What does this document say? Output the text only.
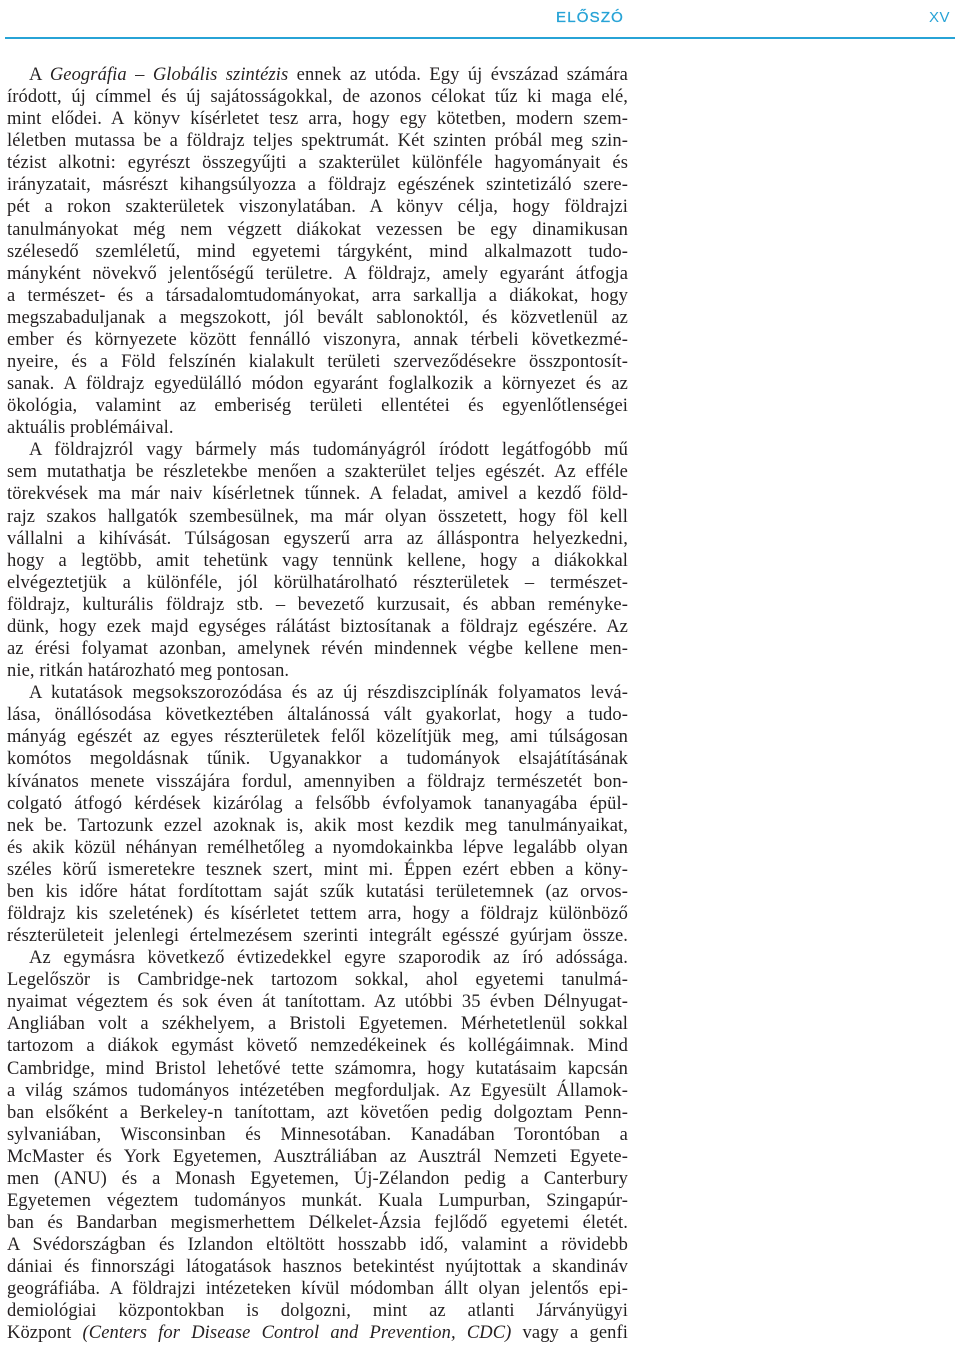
ELŐSZÓ	XV
A Geográfia – Globális szintézis ennek az utóda. Egy új évszázad számára
íródott, új címmel és új sajátosságokkal, de azonos célokat tűz ki maga elé,
mint elődei. A könyv kísérletet tesz arra, hogy egy kötetben, modern szem-
léletben mutassa be a földrajz teljes spektrumát. Két szinten próbál meg szin-
tézist alkotni: egyrészt összegyűjti a szakterület különféle hagyományait és
irányzatait, másrészt kihangsúlyozza a földrajz egészének szintetizáló szere-
pét a rokon szakterületek viszonylatában. A könyv célja, hogy földrajzi
tanulmányokat még nem végzett diákokat vezessen be egy dinamikusan
szélesedő szemléletű, mind egyetemi tárgyként, mind alkalmazott tudo-
mányként növekvő jelentőségű területre. A földrajz, amely egyaránt átfogja
a természet- és a társadalomtudományokat, arra sarkallja a diákokat, hogy
megszabaduljanak a megszokott, jól bevált sablonoktól, és közvetlenül az
ember és környezete között fennálló viszonyra, annak térbeli következmé-
nyeire, és a Föld felszínén kialakult területi szerveződésekre összpontosít-
sanak. A földrajz egyedülálló módon egyaránt foglalkozik a környezet és az
ökológia, valamint az emberiség területi ellentétei és egyenlőtlenségei
aktuális problémáival.
A földrajzról vagy bármely más tudományágról íródott legátfogóbb mű
sem mutathatja be részletekbe menően a szakterület teljes egészét. Az efféle
törekvések ma már naiv kísérletnek tűnnek. A feladat, amivel a kezdő föld-
rajz szakos hallgatók szembesülnek, ma már olyan összetett, hogy föl kell
vállalni a kihívását. Túlságosan egyszerű arra az álláspontra helyezkedni,
hogy a legtöbb, amit tehetünk vagy tennünk kellene, hogy a diákokkal
elvégeztetjük a különféle, jól körülhatárolható részterületek – természet-
földrajz, kulturális földrajz stb. – bevezető kurzusait, és abban reményke-
dünk, hogy ezek majd egységes rálátást biztosítanak a földrajz egészére. Az
az érési folyamat azonban, amelynek révén mindennek végbe kellene men-
nie, ritkán határozható meg pontosan.
A kutatások megsokszorozódása és az új részdiszciplínák folyamatos levá-
lása, önállósodása következtében általánossá vált gyakorlat, hogy a tudo-
mányág egészét az egyes részterületek felől közelítjük meg, ami túlságosan
komótos megoldásnak tűnik. Ugyanakkor a tudományok elsajátításának
kívánatos menete visszájára fordul, amennyiben a földrajz természetét bon-
colgató átfogó kérdések kizárólag a felsőbb évfolyamok tananyagába épül-
nek be. Tartozunk ezzel azoknak is, akik most kezdik meg tanulmányaikat,
és akik közül néhányan remélhetőleg a nyomdokainkba lépve legalább olyan
széles körű ismeretekre tesznek szert, mint mi. Éppen ezért ebben a köny-
ben kis időre hátat fordítottam saját szűk kutatási területemnek (az orvos-
földrajz kis szeletének) és kísérletet tettem arra, hogy a földrajz különböző
részterületeit jelenlegi értelmezésem szerinti integrált egésszé gyúrjam össze.
Az egymásra következő évtizedekkel egyre szaporodik az író adóssága.
Legelőször is Cambridge-nek tartozom sokkal, ahol egyetemi tanulmá-
nyaimat végeztem és sok éven át tanítottam. Az utóbbi 35 évben Délnyugat-
Angliában volt a székhelyem, a Bristoli Egyetemen. Mérhetetlenül sokkal
tartozom a diákok egymást követő nemzedékeinek és kollégáimnak. Mind
Cambridge, mind Bristol lehetővé tette számomra, hogy kutatásaim kapcsán
a világ számos tudományos intézetében megforduljak. Az Egyesült Államok-
ban elsőként a Berkeley-n tanítottam, azt követően pedig dolgoztam Penn-
sylvaniában, Wisconsinban és Minnesotában. Kanadában Torontóban a
McMaster és York Egyetemen, Ausztráliában az Ausztrál Nemzeti Egyete-
men (ANU) és a Monash Egyetemen, Új-Zélandon pedig a Canterbury
Egyetemen végeztem tudományos munkát. Kuala Lumpurban, Szingapúr-
ban és Bandarban megismerhettem Délkelet-Ázsia fejlődő egyetemi életét.
A Svédországban és Izlandon eltöltött hosszabb idő, valamint a rövidebb
dániai és finnországi látogatások hasznos betekintést nyújtottak a skandináv
geográfiába. A földrajzi intézeteken kívül módomban állt olyan jelentős epi-
demiológiai központokban is dolgozni, mint az atlanti Járványügyi
Központ (Centers for Disease Control and Prevention, CDC) vagy a genfi
